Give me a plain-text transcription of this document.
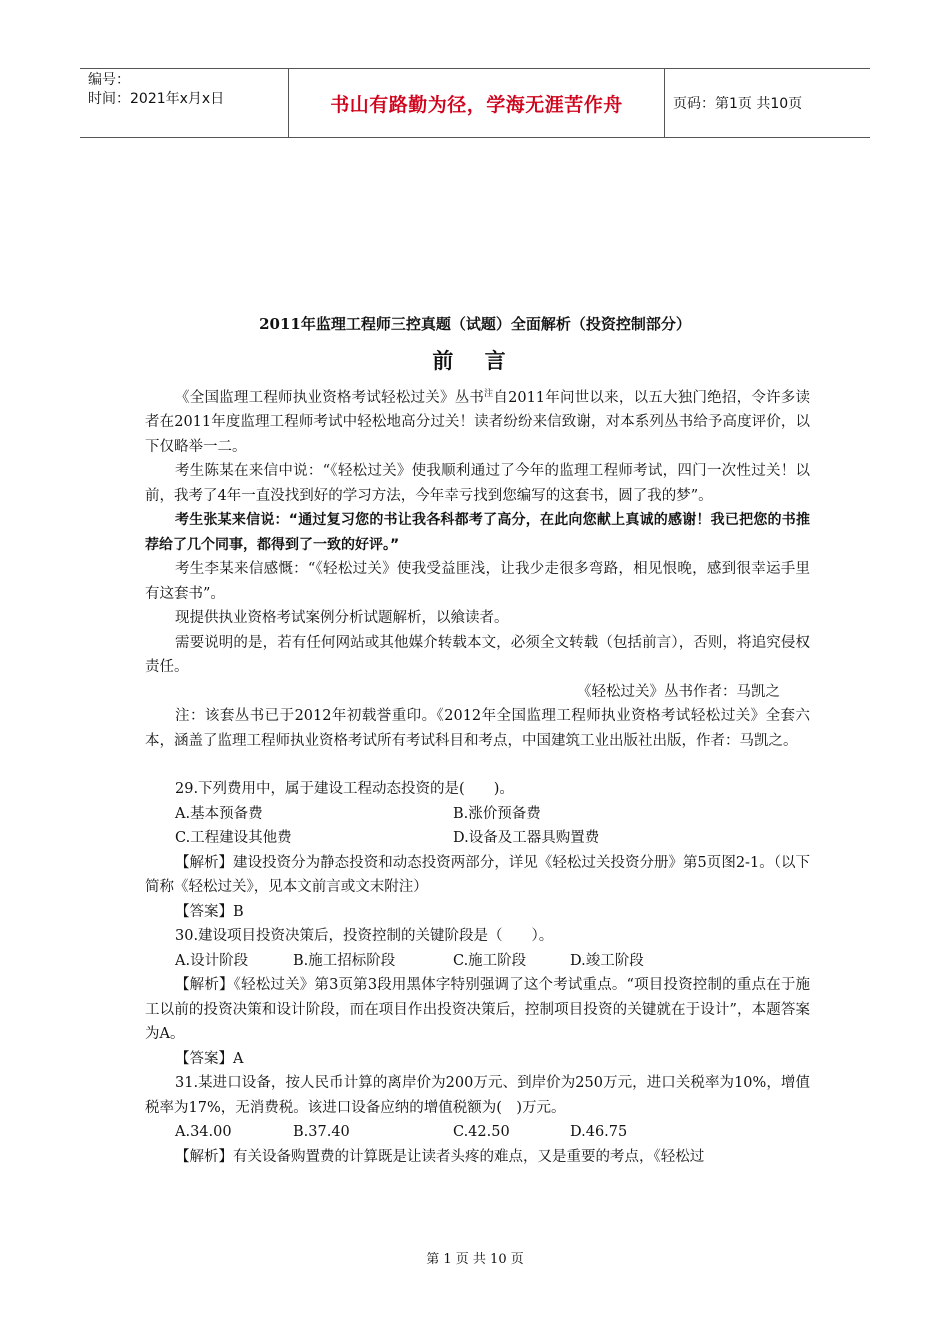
编号：
时间：2021年x月x日	书山有路勤为径，学海无涯苦作舟	页码：第1页 共10页
2011年监理工程师三控真题（试题）全面解析（投资控制部分）
前 言

《全国监理工程师执业资格考试轻松过关》丛书$^注$自2011年问世以来，以五大独门绝招，令许多读者在2011年度监理工程师考试中轻松地高分过关！读者纷纷来信致谢，对本系列丛书给予高度评价，以下仅略举一二。

考生陈某在来信中说：“《轻松过关》使我顺利通过了今年的监理工程师考试，四门一次性过关！以前，我考了4年一直没找到好的学习方法，今年幸亏找到您编写的这套书，圆了我的梦”。

考生张某来信说：“通过复习您的书让我各科都考了高分，在此向您献上真诚的感谢！我已把您的书推荐给了几个同事，都得到了一致的好评。”

考生李某来信感慨：“《轻松过关》使我受益匪浅，让我少走很多弯路，相见恨晚，感到很幸运手里有这套书”。

现提供执业资格考试案例分析试题解析，以飨读者。

需要说明的是，若有任何网站或其他媒介转载本文，必须全文转载（包括前言），否则，将追究侵权责任。

《轻松过关》丛书作者：马凯之

注：该套丛书已于2012年初载誉重印。《2012年全国监理工程师执业资格考试轻松过关》全套六本，涵盖了监理工程师执业资格考试所有考试科目和考点，中国建筑工业出版社出版，作者：马凯之。

29.下列费用中，属于建设工程动态投资的是(　　)。

A.基本预备费	B.涨价预备费
C.工程建设其他费	D.设备及工器具购置费

【解析】建设投资分为静态投资和动态投资两部分，详见《轻松过关投资分册》第5页图2-1。（以下简称《轻松过关》，见本文前言或文末附注）

【答案】B

30.建设项目投资决策后，投资控制的关键阶段是（　　）。

A.设计阶段	B.施工招标阶段	C.施工阶段	D.竣工阶段

【解析】《轻松过关》第3页第3段用黑体字特别强调了这个考试重点。“项目投资控制的重点在于施工以前的投资决策和设计阶段，而在项目作出投资决策后，控制项目投资的关键就在于设计”，本题答案为A。

【答案】A

31.某进口设备，按人民币计算的离岸价为200万元、到岸价为250万元，进口关税率为10%，增值税率为17%，无消费税。该进口设备应纳的增值税额为(　)万元。

A.34.00	B.37.40	C.42.50	D.46.75

【解析】有关设备购置费的计算既是让读者头疼的难点，又是重要的考点，《轻松过

第 1 页 共 10 页
